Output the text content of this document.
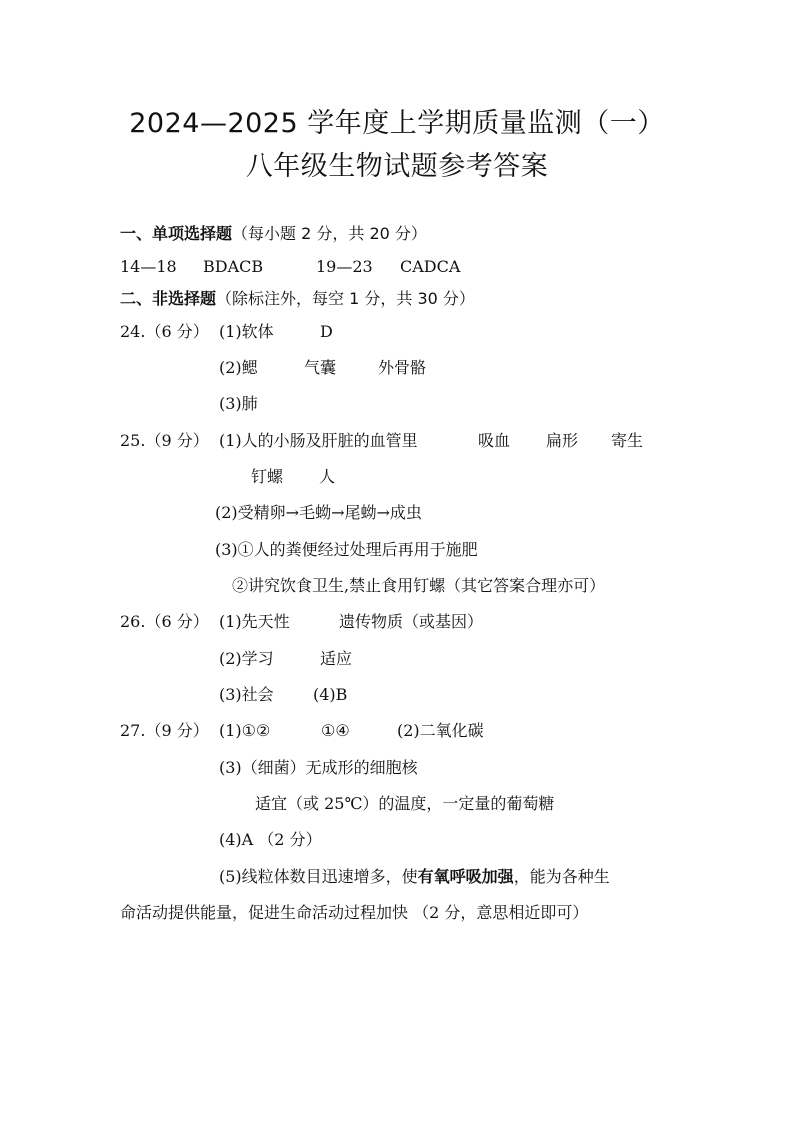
2024—2025 学年度上学期质量监测（一）
八年级生物试题参考答案
一、单项选择题（每小题 2 分，共 20 分）
14—18 BDACB	19—23 CADCA
二、非选择题（除标注外，每空 1 分，共 30 分）
24.（6 分） (1)软体	D
(2)鳃	气囊	外骨骼
(3)肺
25.（9 分） (1)人的小肠及肝脏的血管里	吸血 扁形 寄生
钉螺 人
(2)受精卵→毛蚴→尾蚴→成虫
(3)①人的粪便经过处理后再用于施肥
②讲究饮食卫生,禁止食用钉螺（其它答案合理亦可）
26.（6 分） (1)先天性	遗传物质（或基因）
(2)学习	适应
(3)社会 (4)B
27.（9 分） (1)①②	①④	(2)二氧化碳
(3)（细菌）无成形的细胞核
适宜（或 25℃）的温度，一定量的葡萄糖
(4)A （2 分）
(5)线粒体数目迅速增多，使有氧呼吸加强，能为各种生
命活动提供能量，促进生命活动过程加快 （2 分，意思相近即可）
